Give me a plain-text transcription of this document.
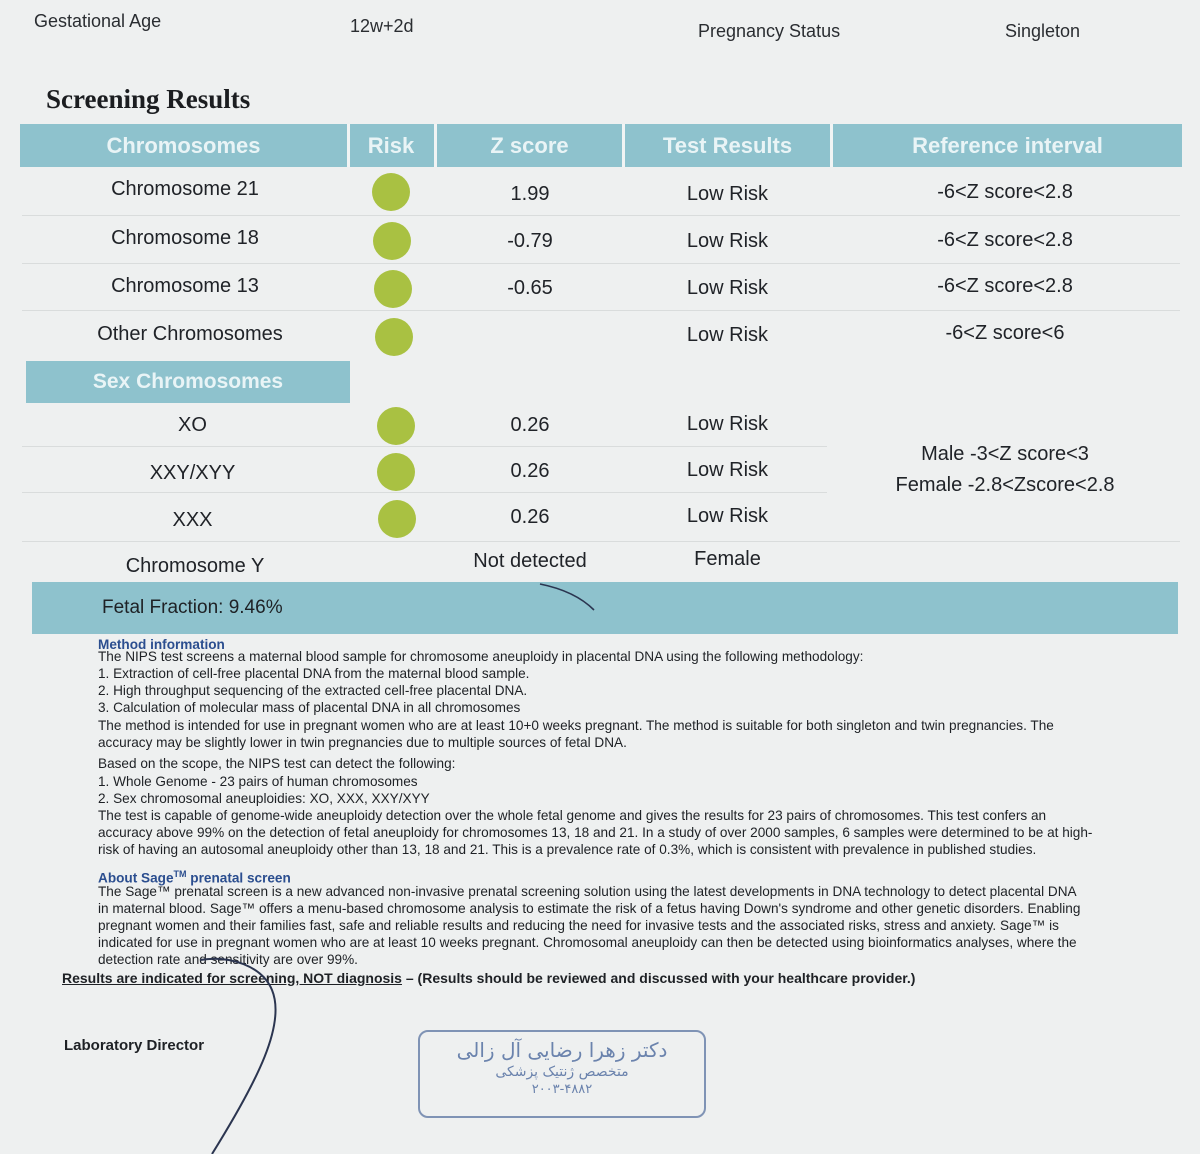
Gestational Age	12w+2d	Pregnancy Status	Singleton
Screening Results
Chromosomes	Risk	Z score	Test Results	Reference interval
Chromosome 21	1.99	Low Risk	-6<Z score<2.8
Chromosome 18	-0.79	Low Risk	-6<Z score<2.8
Chromosome 13	-0.65	Low Risk	-6<Z score<2.8
Other Chromosomes	Low Risk	-6<Z score<6
Sex Chromosomes
XO	0.26	Low Risk
XXY/XYY	0.26	Low Risk
XXX	0.26	Low Risk
Male -3<Z score<3
Female -2.8<Zscore<2.8
Chromosome Y	Not detected	Female
Fetal Fraction: 9.46%
Method information
The NIPS test screens a maternal blood sample for chromosome aneuploidy in placental DNA using the following methodology:
1. Extraction of cell-free placental DNA from the maternal blood sample.
2. High throughput sequencing of the extracted cell-free placental DNA.
3. Calculation of molecular mass of placental DNA in all chromosomes
The method is intended for use in pregnant women who are at least 10+0 weeks pregnant. The method is suitable for both singleton and twin pregnancies. The
accuracy may be slightly lower in twin pregnancies due to multiple sources of fetal DNA.
Based on the scope, the NIPS test can detect the following:
1. Whole Genome - 23 pairs of human chromosomes
2. Sex chromosomal aneuploidies: XO, XXX, XXY/XYY
The test is capable of genome-wide aneuploidy detection over the whole fetal genome and gives the results for 23 pairs of chromosomes. This test confers an
accuracy above 99% on the detection of fetal aneuploidy for chromosomes 13, 18 and 21. In a study of over 2000 samples, 6 samples were determined to be at high-
risk of having an autosomal aneuploidy other than 13, 18 and 21. This is a prevalence rate of 0.3%, which is consistent with prevalence in published studies.
About Sage™ prenatal screen
The Sage™ prenatal screen is a new advanced non-invasive prenatal screening solution using the latest developments in DNA technology to detect placental DNA
in maternal blood. Sage™ offers a menu-based chromosome analysis to estimate the risk of a fetus having Down's syndrome and other genetic disorders. Enabling
pregnant women and their families fast, safe and reliable results and reducing the need for invasive tests and the associated risks, stress and anxiety. Sage™ is
indicated for use in pregnant women who are at least 10 weeks pregnant. Chromosomal aneuploidy can then be detected using bioinformatics analyses, where the
detection rate and sensitivity are over 99%.
Results are indicated for screening, NOT diagnosis – (Results should be reviewed and discussed with your healthcare provider.)
Laboratory Director	دکتر زهرا رضایی آل زالی
متخصص ژنتیک پزشکی
۲۰۰۳-۴۸۸۲
